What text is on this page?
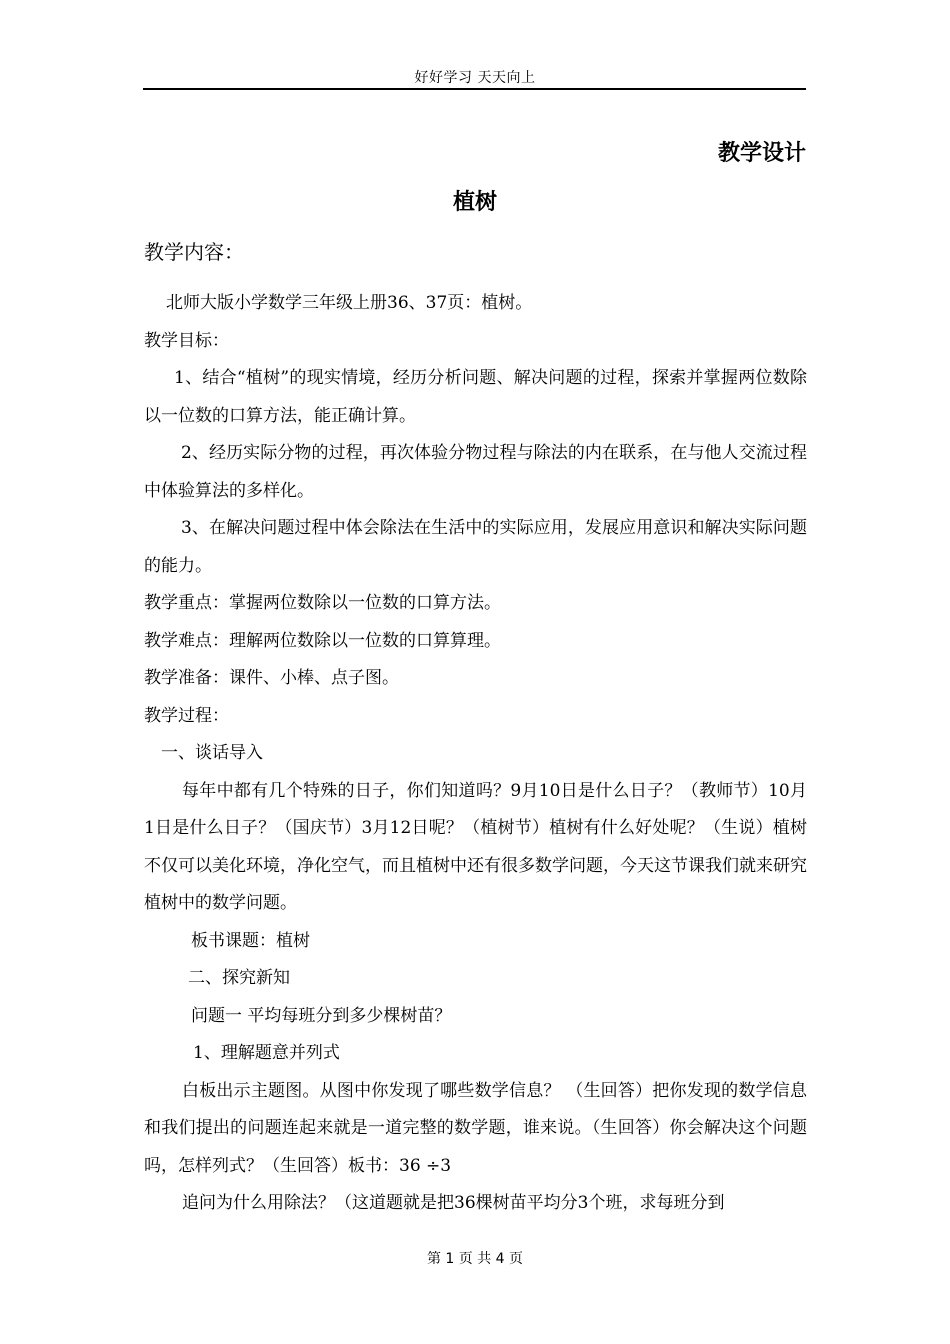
好好学习 天天向上
教学设计
植树
教学内容：

北师大版小学数学三年级上册36、37页：植树。

教学目标：

1、结合“植树”的现实情境，经历分析问题、解决问题的过程，探索并掌握两位数除以一位数的口算方法，能正确计算。

2、经历实际分物的过程，再次体验分物过程与除法的内在联系，在与他人交流过程中体验算法的多样化。

3、在解决问题过程中体会除法在生活中的实际应用，发展应用意识和解决实际问题的能力。

教学重点：掌握两位数除以一位数的口算方法。

教学难点：理解两位数除以一位数的口算算理。

教学准备：课件、小棒、点子图。

教学过程：

一、谈话导入

每年中都有几个特殊的日子，你们知道吗？9月10日是什么日子？（教师节）10月1日是什么日子？（国庆节）3月12日呢？（植树节）植树有什么好处呢？（生说）植树不仅可以美化环境，净化空气，而且植树中还有很多数学问题，今天这节课我们就来研究植树中的数学问题。

板书课题：植树

二、探究新知

问题一 平均每班分到多少棵树苗？

1、理解题意并列式

白板出示主题图。从图中你发现了哪些数学信息？ （生回答）把你发现的数学信息和我们提出的问题连起来就是一道完整的数学题，谁来说。（生回答）你会解决这个问题吗，怎样列式？（生回答）板书：36 ÷3

追问为什么用除法？（这道题就是把36棵树苗平均分3个班，求每班分到

第 1 页 共 4 页
